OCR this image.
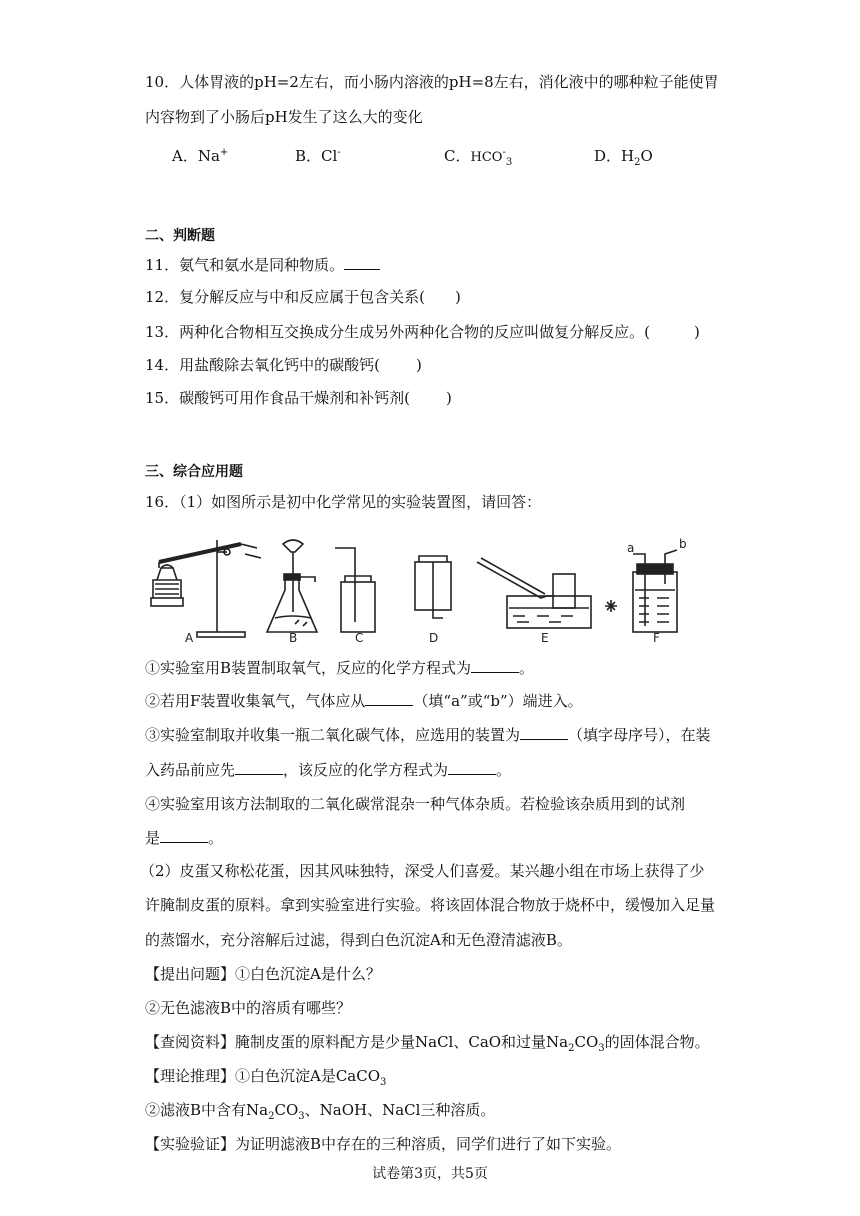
10．人体胃液的pH=2左右，而小肠内溶液的pH=8左右，消化液中的哪种粒子能使胃
内容物到了小肠后pH发生了这么大的变化
A．Na+	B．Cl-	C．$HCO^-_3$	D．$H_2O$
二、判断题
11．氨气和氨水是同种物质。
12．复分解反应与中和反应属于包含关系( )
13．两种化合物相互交换成分生成另外两种化合物的反应叫做复分解反应。(	)
14．用盐酸除去氧化钙中的碳酸钙( )
15．碳酸钙可用作食品干燥剂和补钙剂( )
三、综合应用题
16．（1）如图所示是初中化学常见的实验装置图，请回答：
a	b
A	B	C	D	E	F
①实验室用B装置制取氧气，反应的化学方程式为	。
②若用F装置收集氧气，气体应从	（填“a”或“b”）端进入。
③实验室制取并收集一瓶二氧化碳气体，应选用的装置为	（填字母序号），在装
入药品前应先	，该反应的化学方程式为	。
④实验室用该方法制取的二氧化碳常混杂一种气体杂质。若检验该杂质用到的试剂
是	。
（2）皮蛋又称松花蛋，因其风味独特，深受人们喜爱。某兴趣小组在市场上获得了少
许腌制皮蛋的原料。拿到实验室进行实验。将该固体混合物放于烧杯中，缓慢加入足量
的蒸馏水，充分溶解后过滤，得到白色沉淀A和无色澄清滤液B。
【提出问题】①白色沉淀A是什么？
②无色滤液B中的溶质有哪些？
【查阅资料】腌制皮蛋的原料配方是少量NaCl、CaO和过量$Na_2CO_3$的固体混合物。
【理论推理】①白色沉淀A是CaCO$_3$
②滤液B中含有$Na_2CO_3$、NaOH、NaCl三种溶质。
【实验验证】为证明滤液B中存在的三种溶质，同学们进行了如下实验。
试卷第3页，共5页
